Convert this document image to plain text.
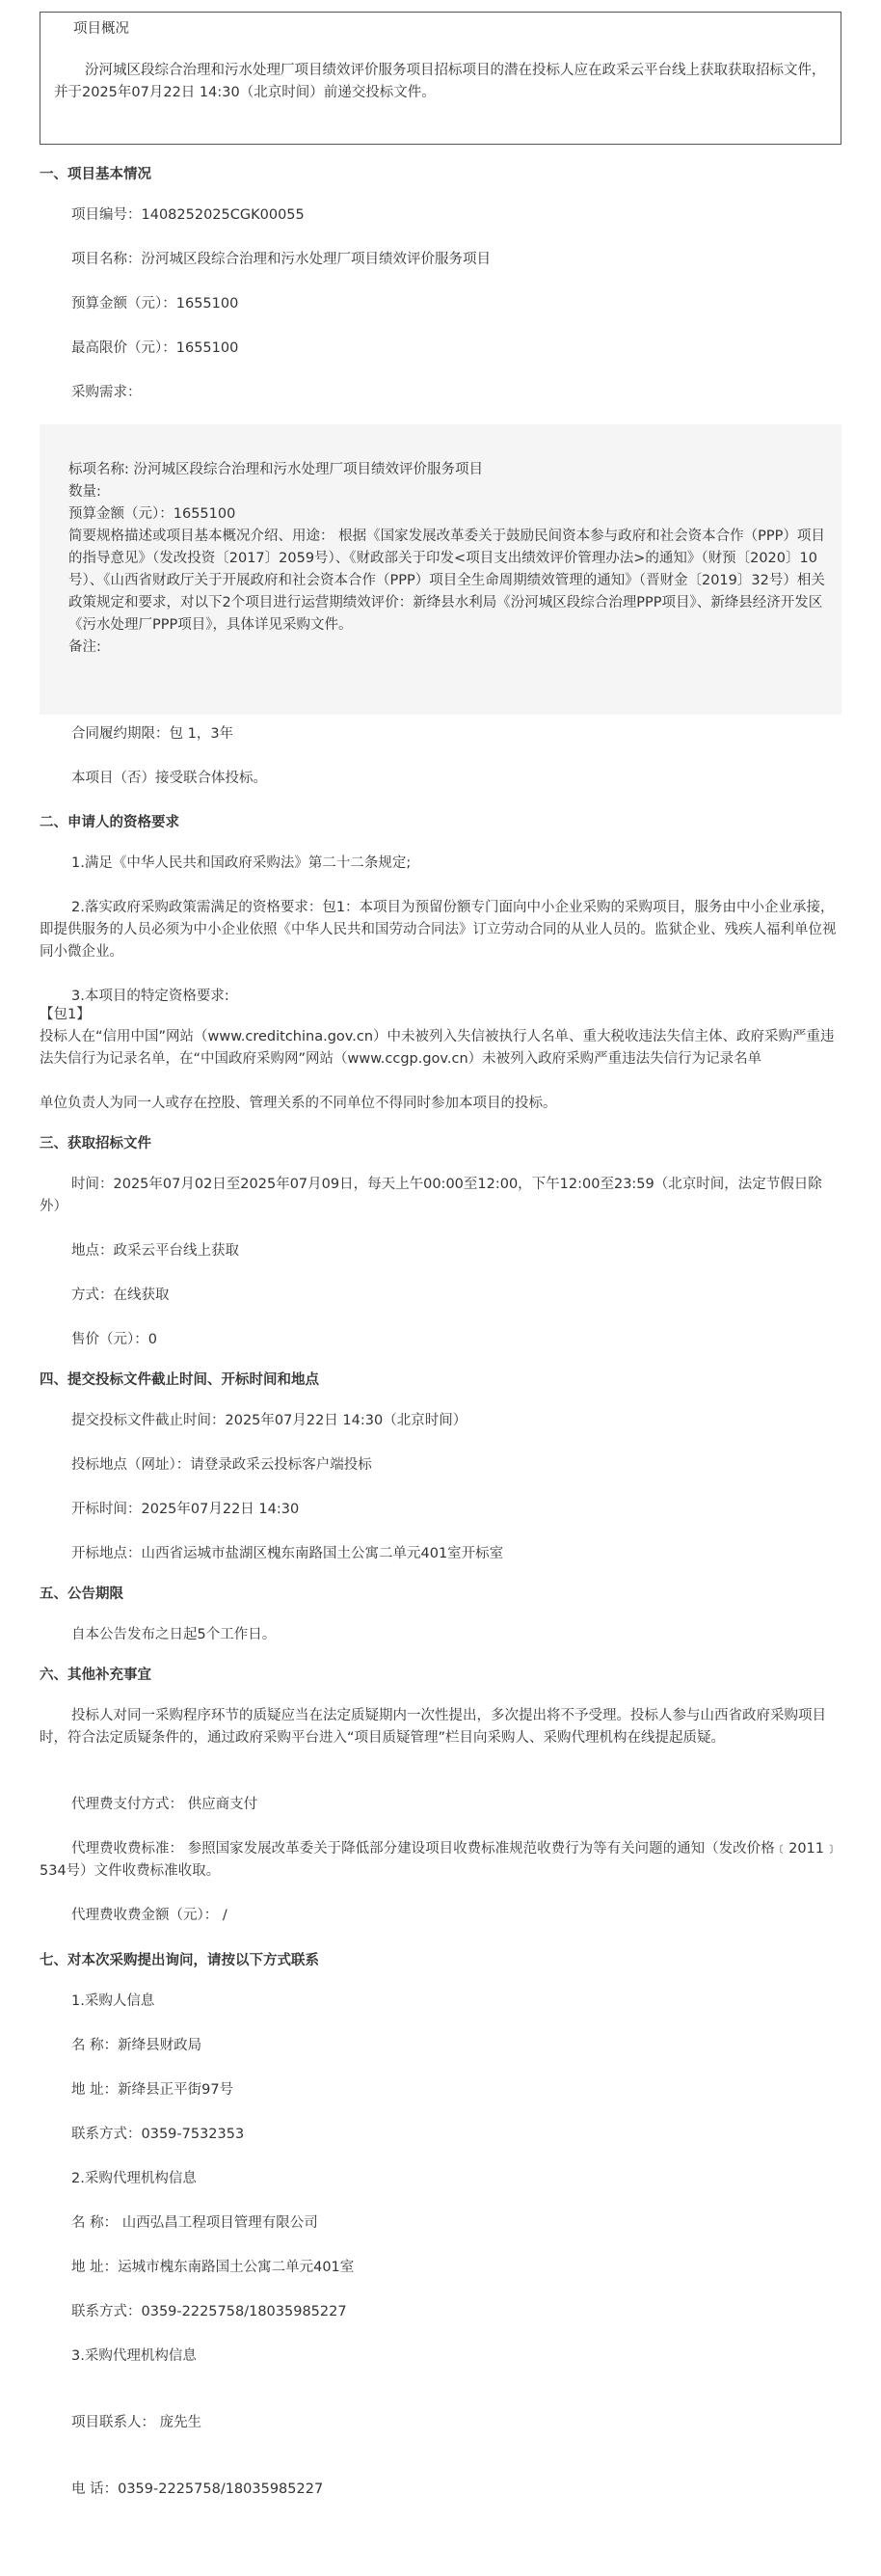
项目概况

汾河城区段综合治理和污水处理厂项目绩效评价服务项目招标项目的潜在投标人应在政采云平台线上获取获取招标文件，并于2025年07月22日 14:30（北京时间）前递交投标文件。

一、项目基本情况
项目编号：1408252025CGK00055
项目名称：汾河城区段综合治理和污水处理厂项目绩效评价服务项目
预算金额（元）：1655100
最高限价（元）：1655100
采购需求：

标项名称: 汾河城区段综合治理和污水处理厂项目绩效评价服务项目

数量:

预算金额（元）：1655100

简要规格描述或项目基本概况介绍、用途： 根据《国家发展改革委关于鼓励民间资本参与政府和社会资本合作（PPP）项目的指导意见》（发改投资〔2017〕2059号）、《财政部关于印发<项目支出绩效评价管理办法>的通知》（财预〔2020〕10号）、《山西省财政厅关于开展政府和社会资本合作（PPP）项目全生命周期绩效管理的通知》（晋财金〔2019〕32号）相关政策规定和要求，对以下2个项目进行运营期绩效评价：新绛县水利局《汾河城区段综合治理PPP项目》、新绛县经济开发区《污水处理厂PPP项目》，具体详见采购文件。

备注:

合同履约期限：包 1，3年
本项目（否）接受联合体投标。
二、申请人的资格要求
1.满足《中华人民共和国政府采购法》第二十二条规定;
2.落实政府采购政策需满足的资格要求：包1：本项目为预留份额专门面向中小企业采购的采购项目，服务由中小企业承接，即提供服务的人员必须为中小企业依照《中华人民共和国劳动合同法》订立劳动合同的从业人员的。监狱企业、残疾人福利单位视同小微企业。
3.本项目的特定资格要求:
【包1】
投标人在“信用中国”网站（www.creditchina.gov.cn）中未被列入失信被执行人名单、重大税收违法失信主体、政府采购严重违法失信行为记录名单，在“中国政府采购网”网站（www.ccgp.gov.cn）未被列入政府采购严重违法失信行为记录名单
单位负责人为同一人或存在控股、管理关系的不同单位不得同时参加本项目的投标。
三、获取招标文件
时间：2025年07月02日至2025年07月09日，每天上午00:00至12:00，下午12:00至23:59（北京时间，法定节假日除外）
地点：政采云平台线上获取
方式：在线获取
售价（元）：0
四、提交投标文件截止时间、开标时间和地点
提交投标文件截止时间：2025年07月22日 14:30（北京时间）
投标地点（网址）：请登录政采云投标客户端投标
开标时间：2025年07月22日 14:30
开标地点：山西省运城市盐湖区槐东南路国土公寓二单元401室开标室
五、公告期限
自本公告发布之日起5个工作日。
六、其他补充事宜
投标人对同一采购程序环节的质疑应当在法定质疑期内一次性提出，多次提出将不予受理。投标人参与山西省政府采购项目时，符合法定质疑条件的，通过政府采购平台进入“项目质疑管理”栏目向采购人、采购代理机构在线提起质疑。
代理费支付方式： 供应商支付
代理费收费标准： 参照国家发展改革委关于降低部分建设项目收费标准规范收费行为等有关问题的通知（发改价格﹝2011﹞534号）文件收费标准收取。
代理费收费金额（元）： /
七、对本次采购提出询问，请按以下方式联系
1.采购人信息
名 称：新绛县财政局
地 址：新绛县正平街97号
联系方式：0359-7532353
2.采购代理机构信息
名 称： 山西弘昌工程项目管理有限公司
地 址：运城市槐东南路国土公寓二单元401室
联系方式：0359-2225758/18035985227
3.采购代理机构信息
项目联系人： 庞先生
电 话：0359-2225758/18035985227
